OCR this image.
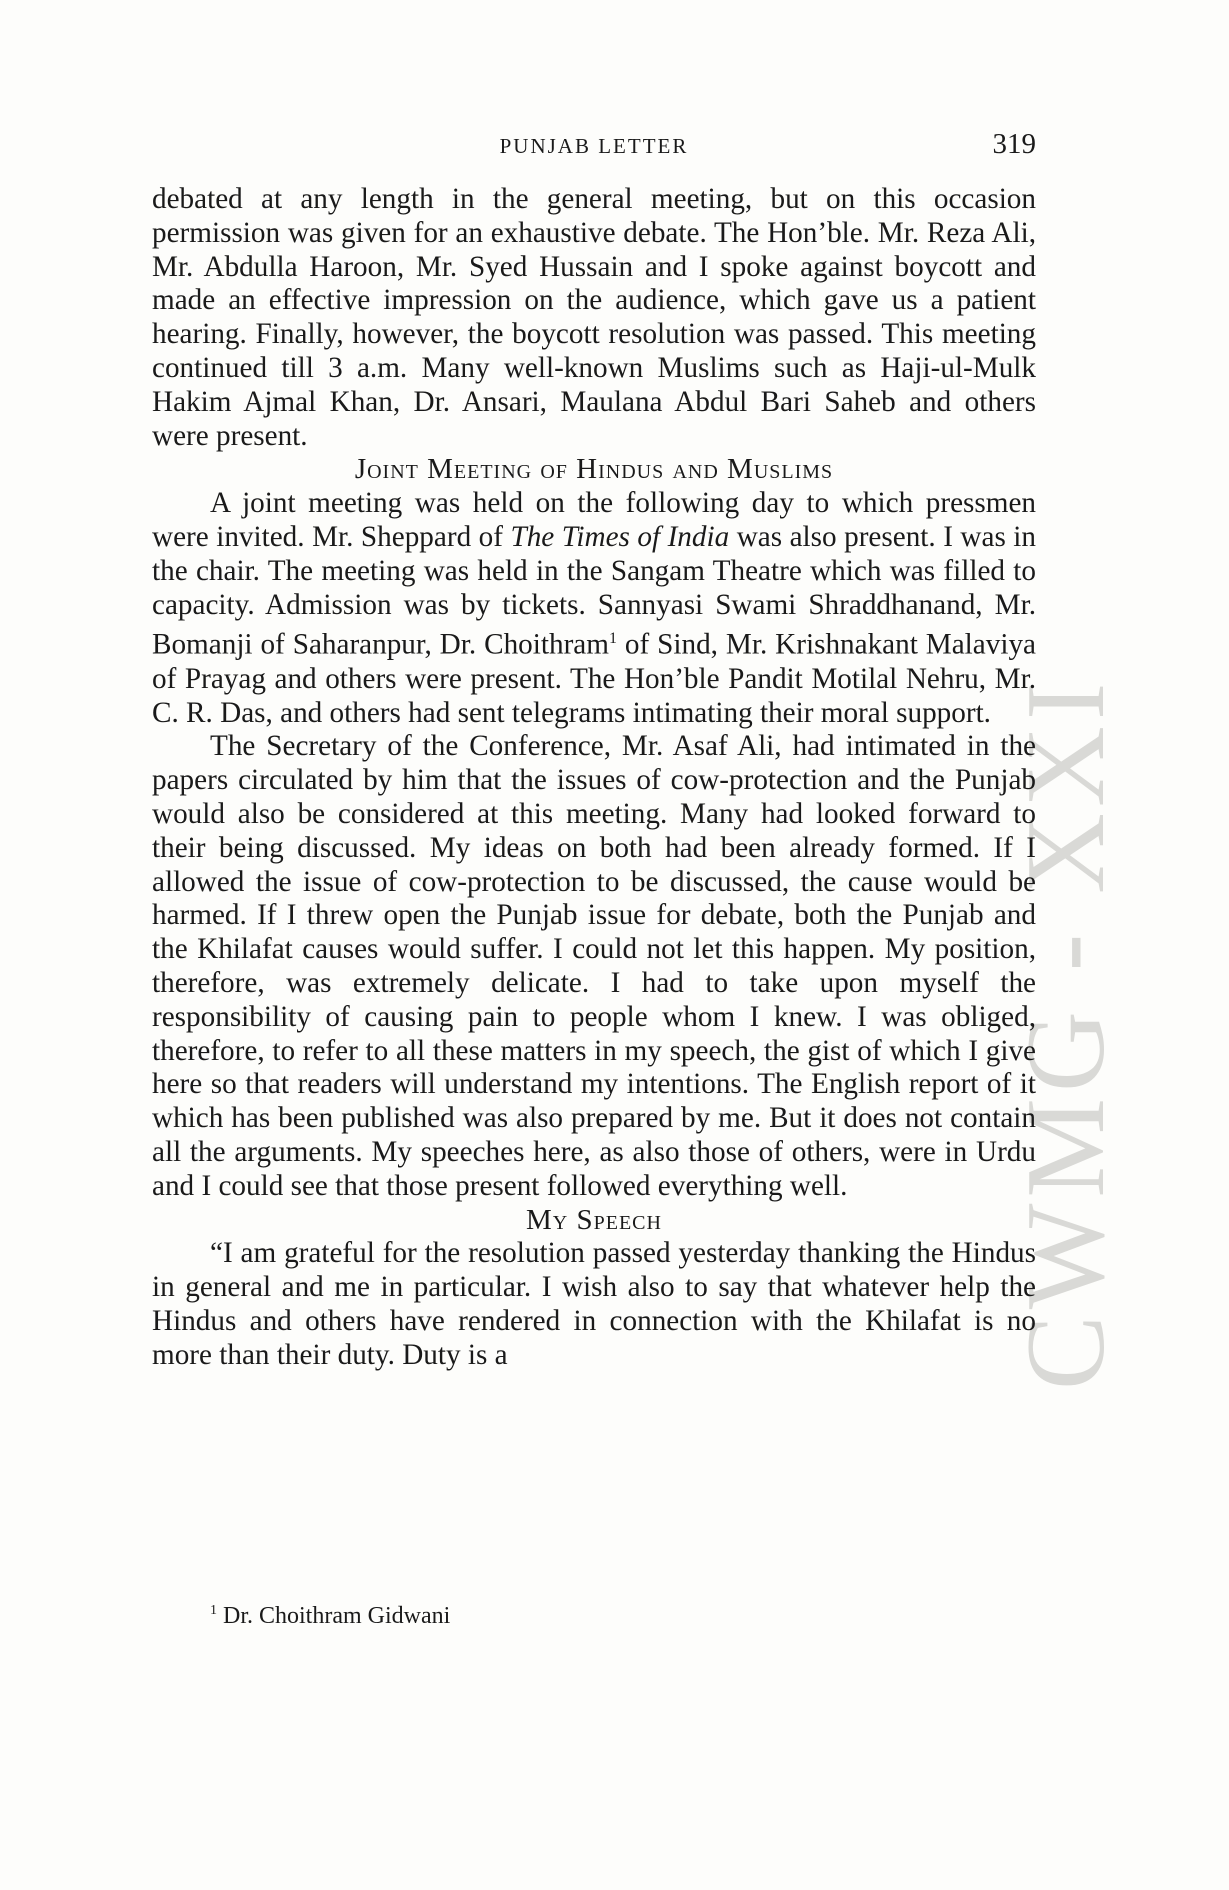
CWMG - XXI
PUNJAB LETTER	319

debated at any length in the general meeting, but on this occasion permission was given for an exhaustive debate. The Hon’ble. Mr. Reza Ali, Mr. Abdulla Haroon, Mr. Syed Hussain and I spoke against boycott and made an effective impression on the audience, which gave us a patient hearing. Finally, however, the boycott resolution was passed. This meeting continued till 3 a.m. Many well-known Muslims such as Haji-ul-Mulk Hakim Ajmal Khan, Dr. Ansari, Maulana Abdul Bari Saheb and others were present.

Joint Meeting of Hindus and Muslims

A joint meeting was held on the following day to which pressmen were invited. Mr. Sheppard of The Times of India was also present. I was in the chair. The meeting was held in the Sangam Theatre which was filled to capacity. Admission was by tickets. Sannyasi Swami Shraddhanand, Mr. Bomanji of Saharanpur, Dr. Choithram$^1$ of Sind, Mr. Krishnakant Malaviya of Prayag and others were present. The Hon’ble Pandit Motilal Nehru, Mr. C. R. Das, and others had sent telegrams intimating their moral support.

The Secretary of the Conference, Mr. Asaf Ali, had intimated in the papers circulated by him that the issues of cow-protection and the Punjab would also be considered at this meeting. Many had looked forward to their being discussed. My ideas on both had been already formed. If I allowed the issue of cow-protection to be discussed, the cause would be harmed. If I threw open the Punjab issue for debate, both the Punjab and the Khilafat causes would suffer. I could not let this happen. My position, therefore, was extremely delicate. I had to take upon myself the responsibility of causing pain to people whom I knew. I was obliged, therefore, to refer to all these matters in my speech, the gist of which I give here so that readers will understand my intentions. The English report of it which has been published was also prepared by me. But it does not contain all the arguments. My speeches here, as also those of others, were in Urdu and I could see that those present followed everything well.

My Speech

“I am grateful for the resolution passed yesterday thanking the Hindus in general and me in particular. I wish also to say that whatever help the Hindus and others have rendered in connection with the Khilafat is no more than their duty. Duty is a

$^1$ Dr. Choithram Gidwani
